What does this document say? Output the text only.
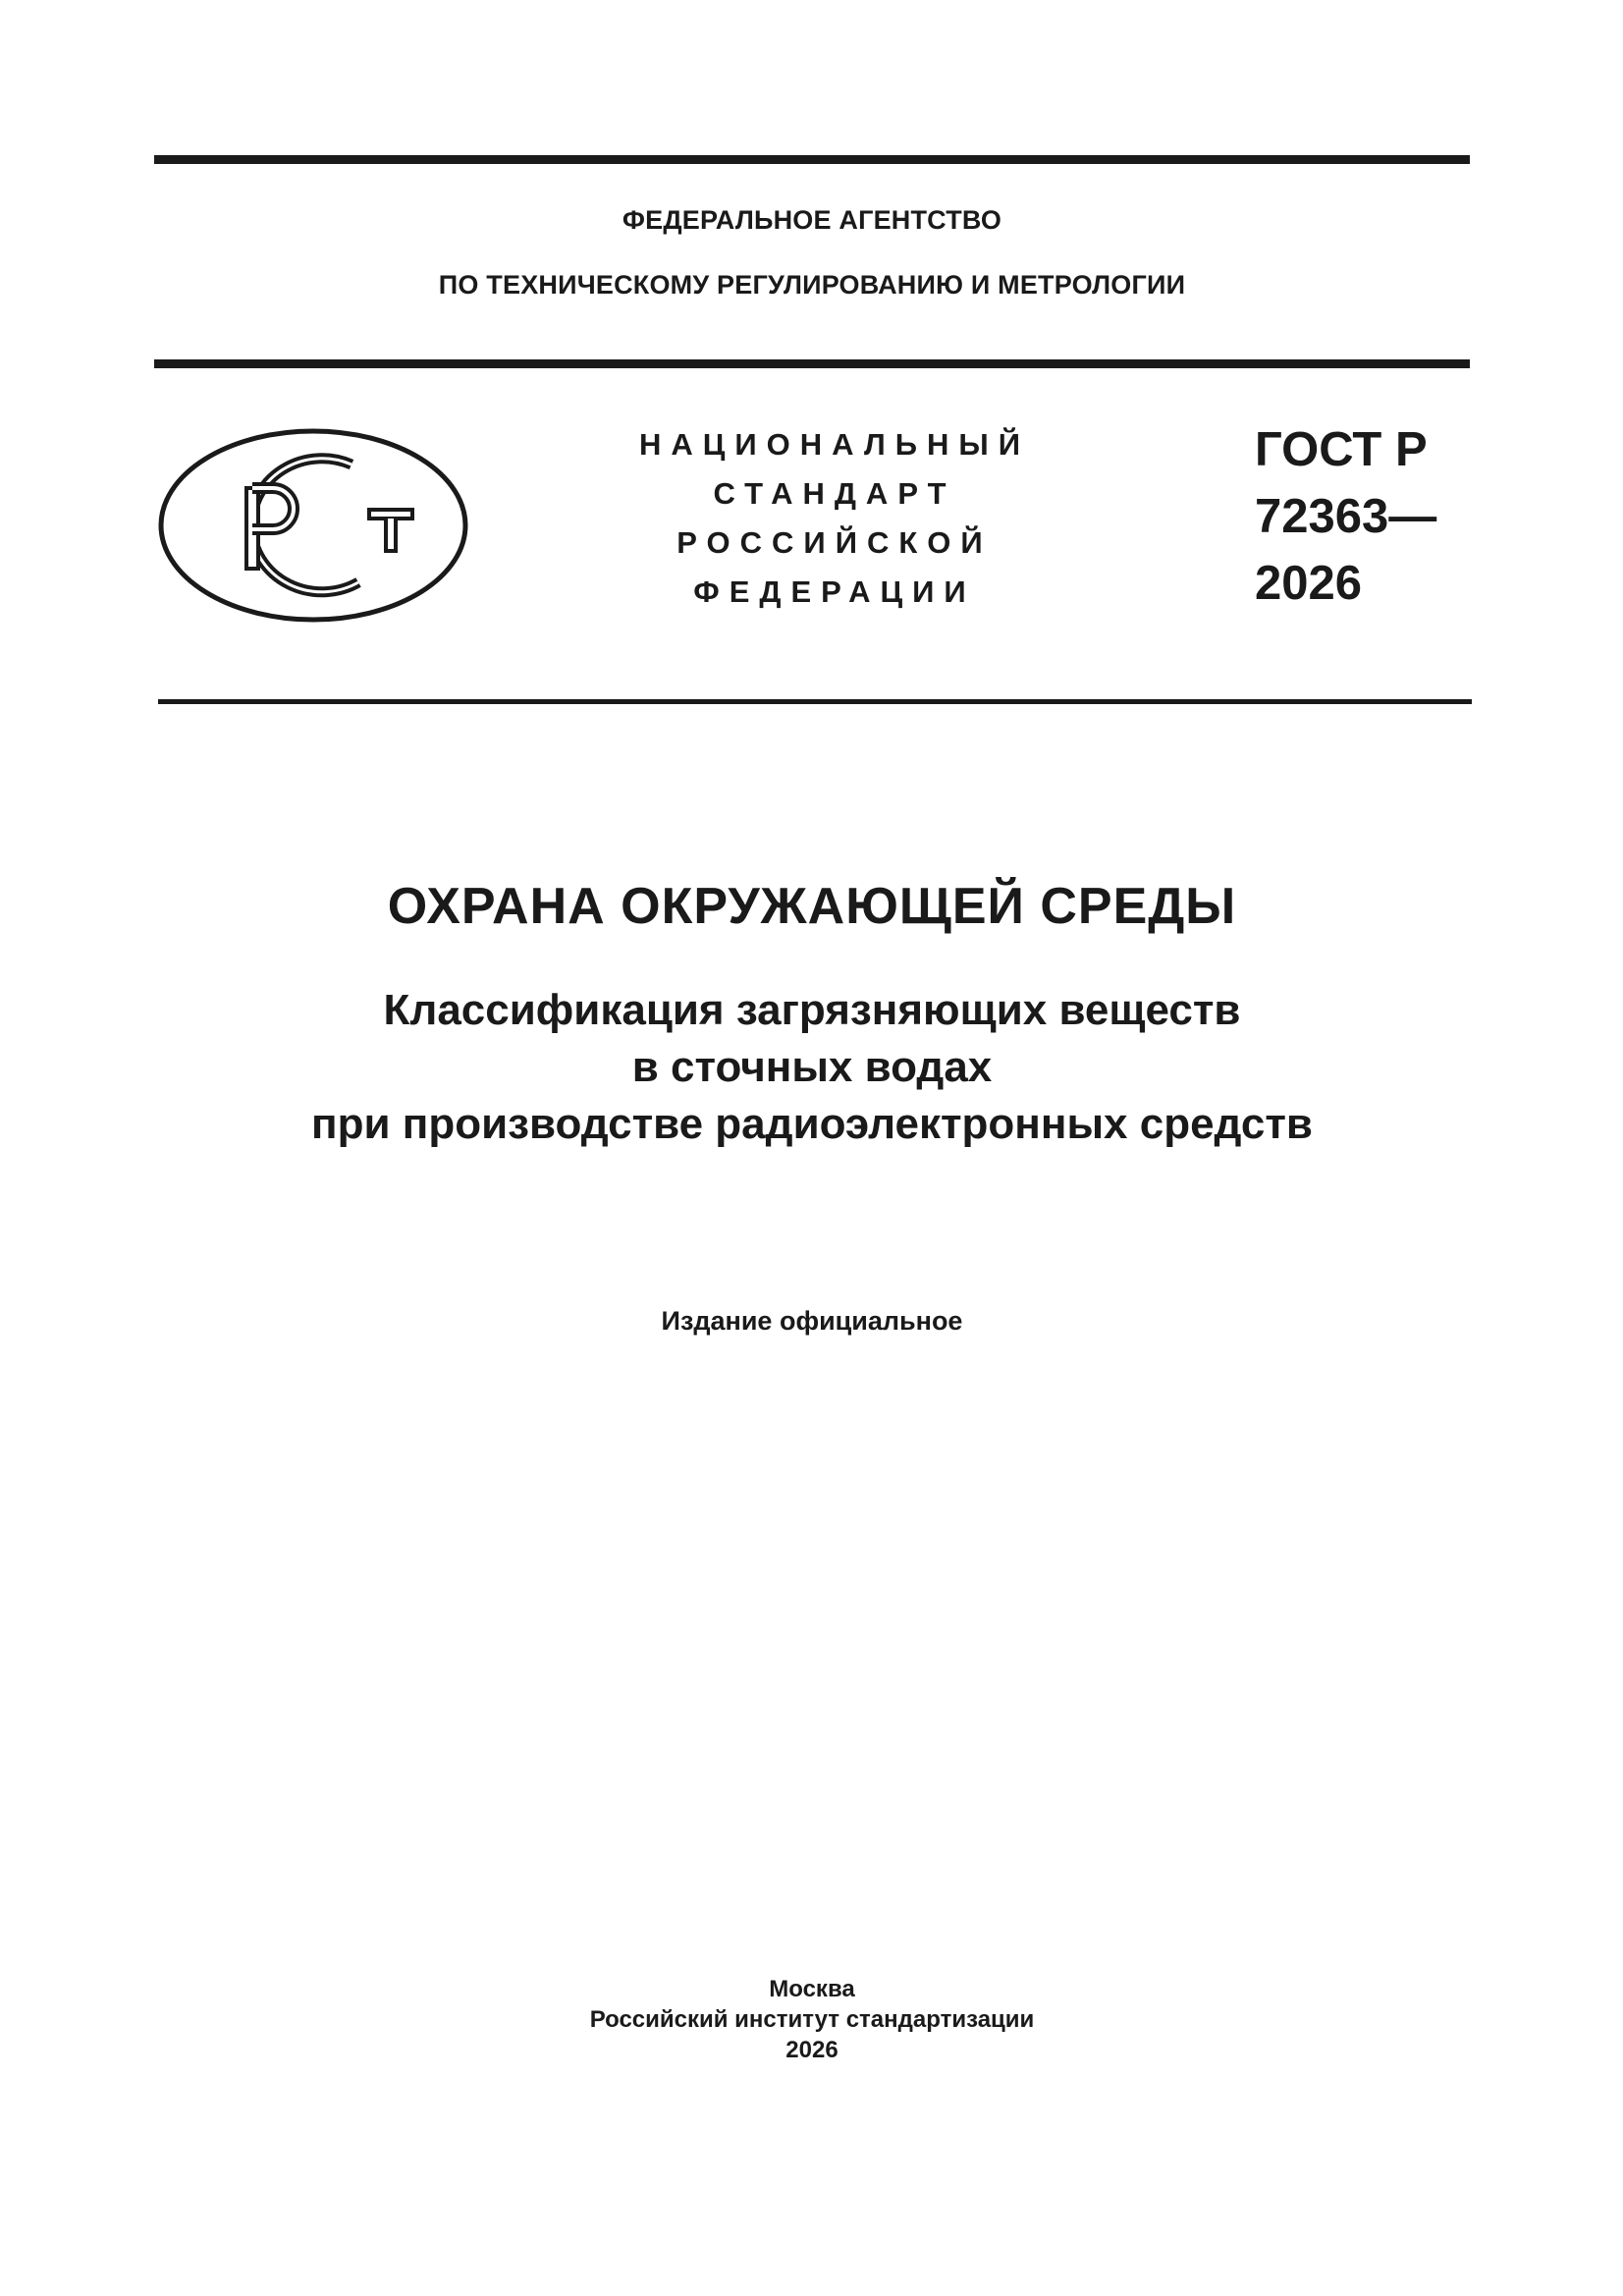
ФЕДЕРАЛЬНОЕ АГЕНТСТВО
ПО ТЕХНИЧЕСКОМУ РЕГУЛИРОВАНИЮ И МЕТРОЛОГИИ
НАЦИОНАЛЬНЫЙ
СТАНДАРТ
РОССИЙСКОЙ
ФЕДЕРАЦИИ
ГОСТ Р
72363—
2026
ОХРАНА ОКРУЖАЮЩЕЙ СРЕДЫ
Классификация загрязняющих веществ
в сточных водах
при производстве радиоэлектронных средств
Издание официальное
Москва
Российский институт стандартизации
2026
